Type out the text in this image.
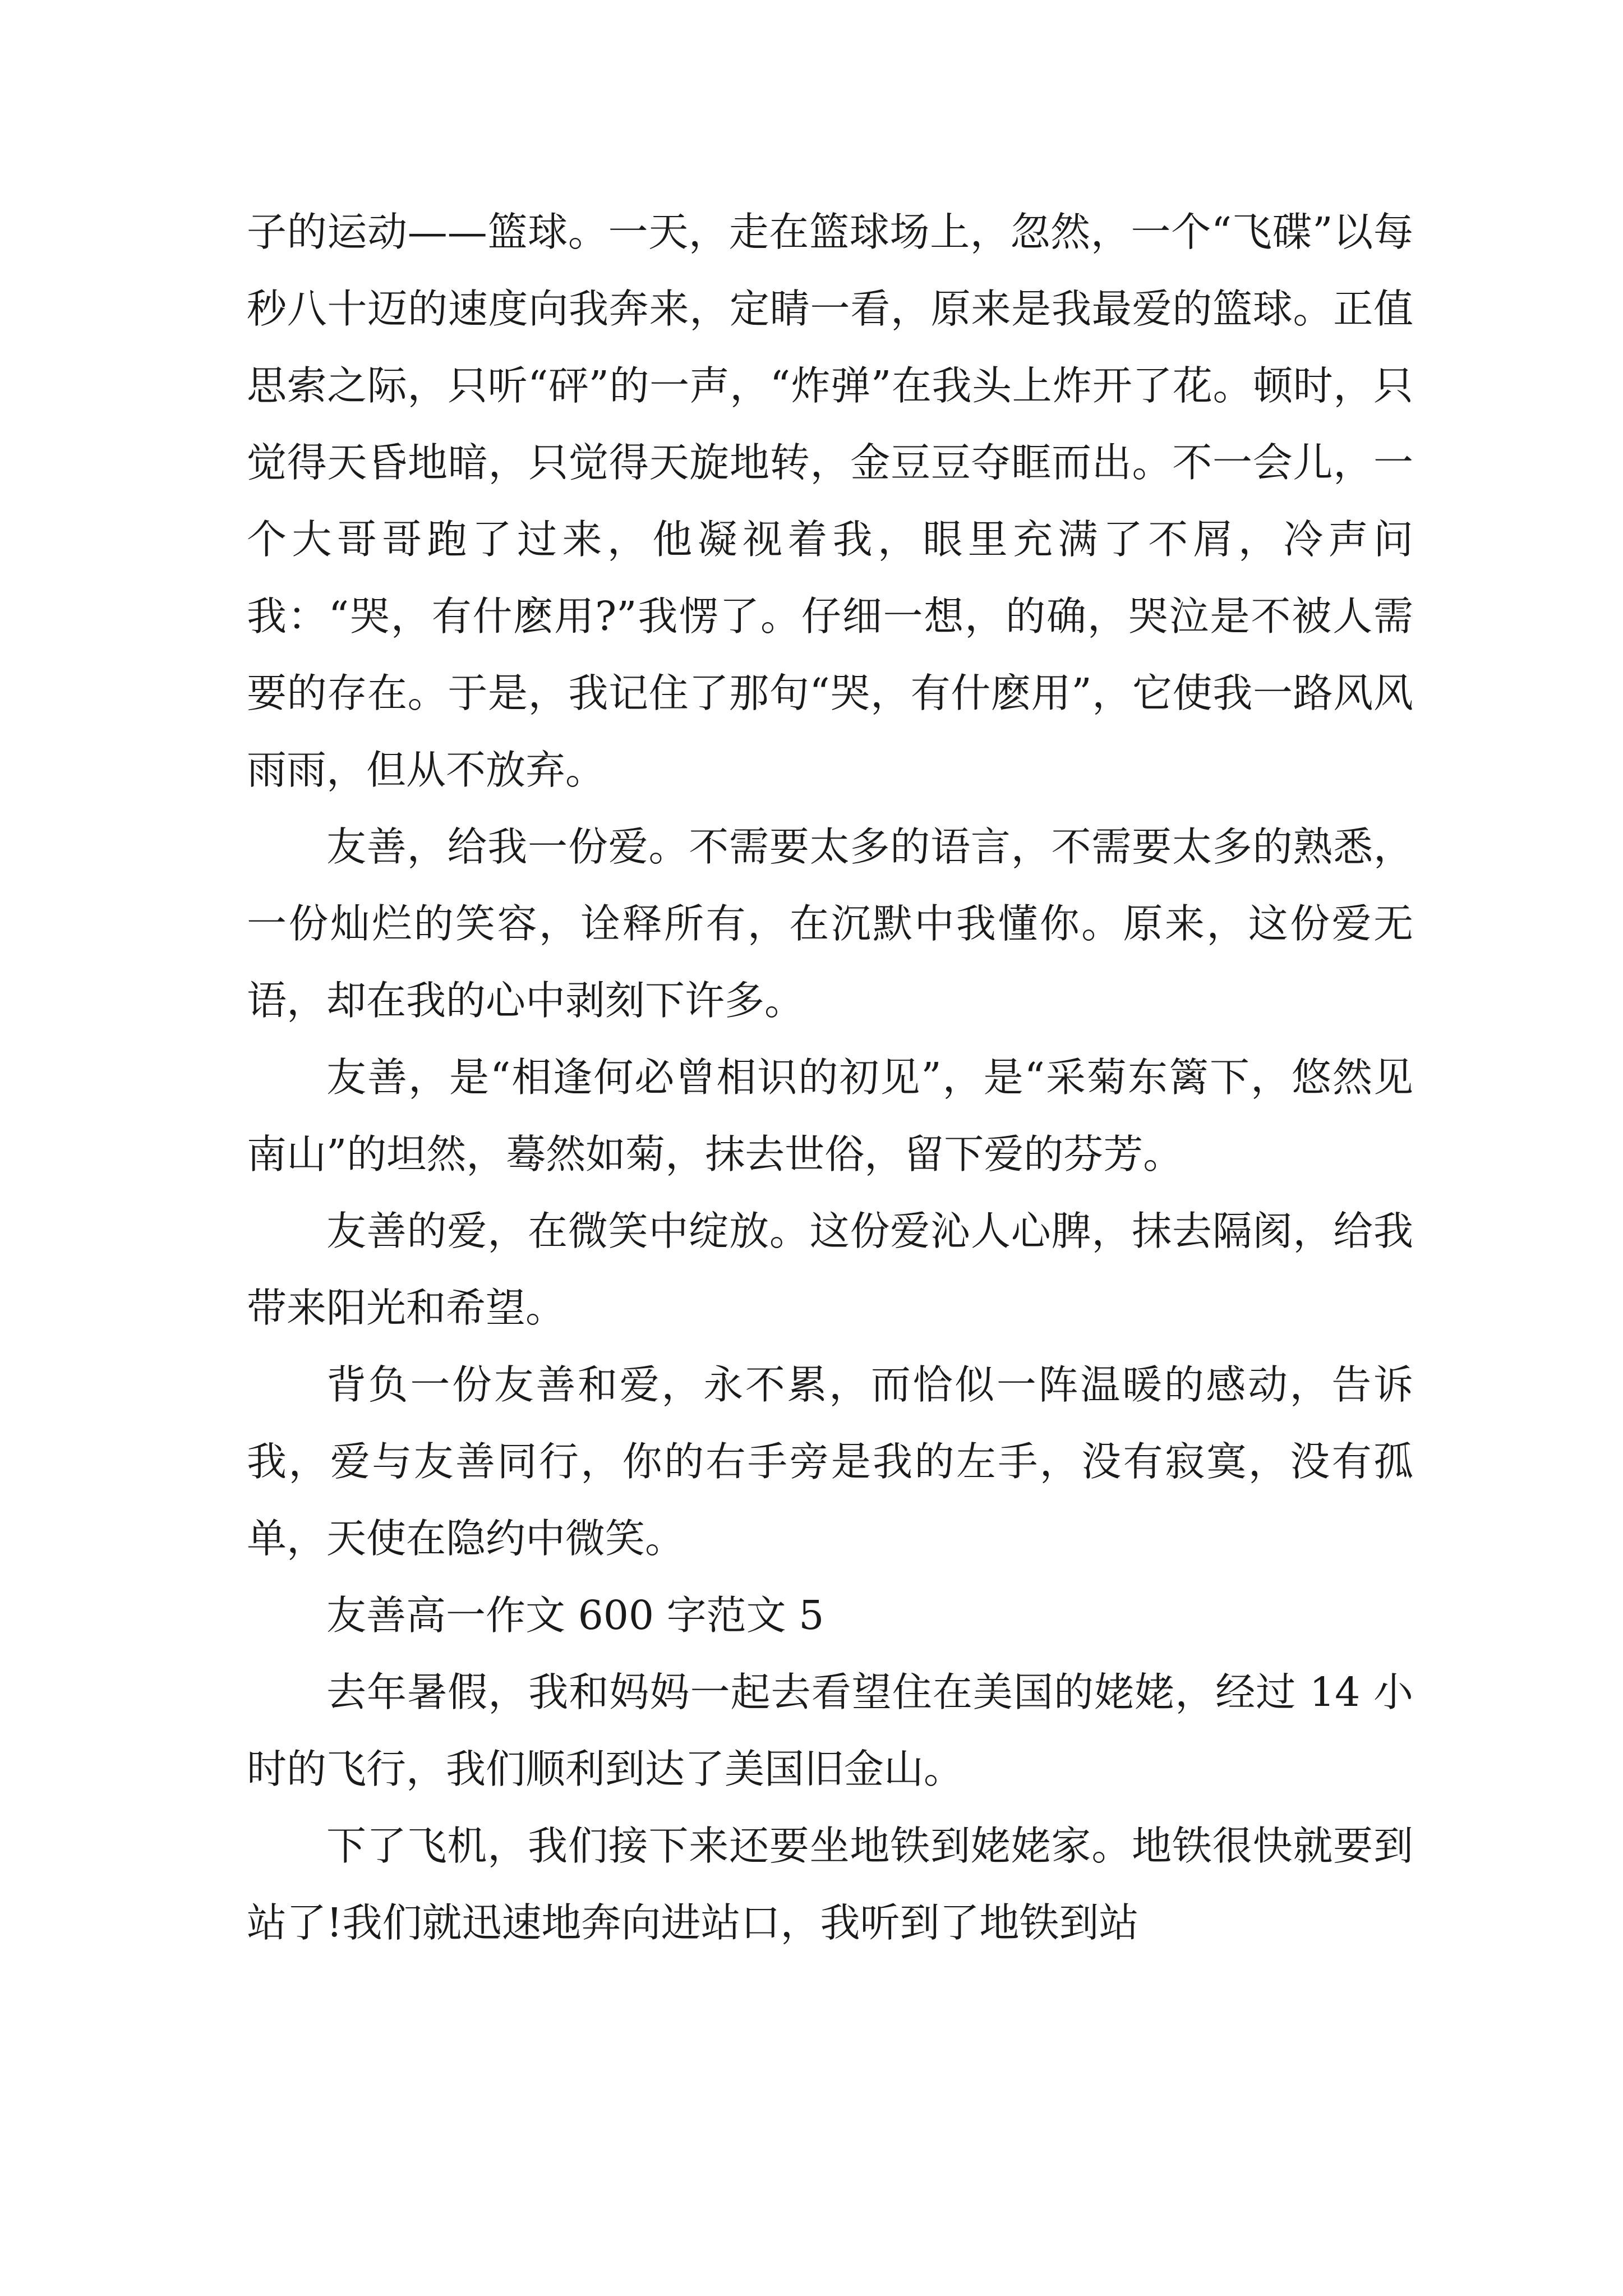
子的运动——篮球。一天，走在篮球场上，忽然，一个“飞碟”以每秒八十迈的速度向我奔来，定睛一看，原来是我最爱的篮球。正值思索之际，只听“砰”的一声，“炸弹”在我头上炸开了花。顿时，只觉得天昏地暗，只觉得天旋地转，金豆豆夺眶而出。不一会儿，一个大哥哥跑了过来，他凝视着我，眼里充满了不屑，冷声问我：“哭，有什麽用?”我愣了。仔细一想，的确，哭泣是不被人需要的存在。于是，我记住了那句“哭，有什麽用”，它使我一路风风雨雨，但从不放弃。

友善，给我一份爱。不需要太多的语言，不需要太多的熟悉，一份灿烂的笑容，诠释所有，在沉默中我懂你。原来，这份爱无语，却在我的心中剥刻下许多。

友善，是“相逢何必曾相识的初见”，是“采菊东篱下，悠然见南山”的坦然，蓦然如菊，抹去世俗，留下爱的芬芳。

友善的爱，在微笑中绽放。这份爱沁人心脾，抹去隔阂，给我带来阳光和希望。

背负一份友善和爱，永不累，而恰似一阵温暖的感动，告诉我，爱与友善同行，你的右手旁是我的左手，没有寂寞，没有孤单，天使在隐约中微笑。

友善高一作文 600 字范文 5

去年暑假，我和妈妈一起去看望住在美国的姥姥，经过 14 小时的飞行，我们顺利到达了美国旧金山。

下了飞机，我们接下来还要坐地铁到姥姥家。地铁很快就要到站了!我们就迅速地奔向进站口，我听到了地铁到站
